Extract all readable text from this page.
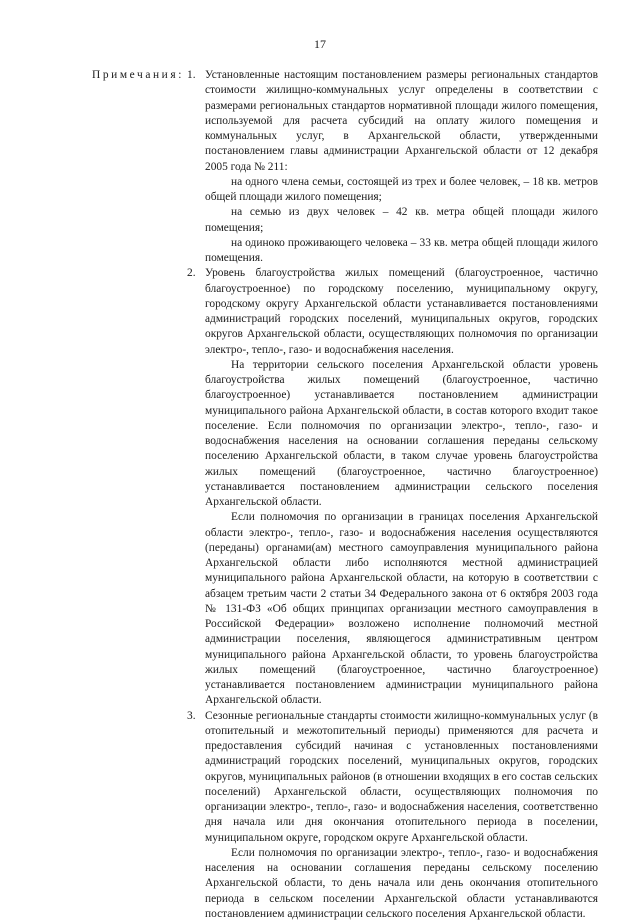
17
Примечания: 1. Установленные настоящим постановлением размеры региональных стандартов стоимости жилищно-коммунальных услуг определены в соответствии с размерами региональных стандартов нормативной площади жилого помещения, используемой для расчета субсидий на оплату жилого помещения и коммунальных услуг, в Архангельской области, утвержденными постановлением главы администрации Архангельской области от 12 декабря 2005 года № 211:

на одного члена семьи, состоящей из трех и более человек, – 18 кв. метров общей площади жилого помещения;

на семью из двух человек – 42 кв. метра общей площади жилого помещения;

на одиноко проживающего человека – 33 кв. метра общей площади жилого помещения.

2. Уровень благоустройства жилых помещений (благоустроенное, частично благоустроенное) по городскому поселению, муниципальному округу, городскому округу Архангельской области устанавливается постановлениями администраций городских поселений, муниципальных округов, городских округов Архангельской области, осуществляющих полномочия по организации электро-, тепло-, газо- и водоснабжения населения.

На территории сельского поселения Архангельской области уровень благоустройства жилых помещений (благоустроенное, частично благоустроенное) устанавливается постановлением администрации муниципального района Архангельской области, в состав которого входит такое поселение. Если полномочия по организации электро-, тепло-, газо- и водоснабжения населения на основании соглашения переданы сельскому поселению Архангельской области, в таком случае уровень благоустройства жилых помещений (благоустроенное, частично благоустроенное) устанавливается постановлением администрации сельского поселения Архангельской области.

Если полномочия по организации в границах поселения Архангельской области электро-, тепло-, газо- и водоснабжения населения осуществляются (переданы) органами(ам) местного самоуправления муниципального района Архангельской области либо исполняются местной администрацией муниципального района Архангельской области, на которую в соответствии с абзацем третьим части 2 статьи 34 Федерального закона от 6 октября 2003 года № 131-ФЗ «Об общих принципах организации местного самоуправления в Российской Федерации» возложено исполнение полномочий местной администрации поселения, являющегося административным центром муниципального района Архангельской области, то уровень благоустройства жилых помещений (благоустроенное, частично благоустроенное) устанавливается постановлением администрации муниципального района Архангельской области.

3. Сезонные региональные стандарты стоимости жилищно-коммунальных услуг (в отопительный и межотопительный периоды) применяются для расчета и предоставления субсидий начиная с установленных постановлениями администраций городских поселений, муниципальных округов, городских округов, муниципальных районов (в отношении входящих в его состав сельских поселений) Архангельской области, осуществляющих полномочия по организации электро-, тепло-, газо- и водоснабжения населения, соответственно дня начала или дня окончания отопительного периода в поселении, муниципальном округе, городском округе Архангельской области.

Если полномочия по организации электро-, тепло-, газо- и водоснабжения населения на основании соглашения переданы сельскому поселению Архангельской области, то день начала или день окончания отопительного периода в сельском поселении Архангельской области устанавливаются постановлением администрации сельского поселения Архангельской области.
